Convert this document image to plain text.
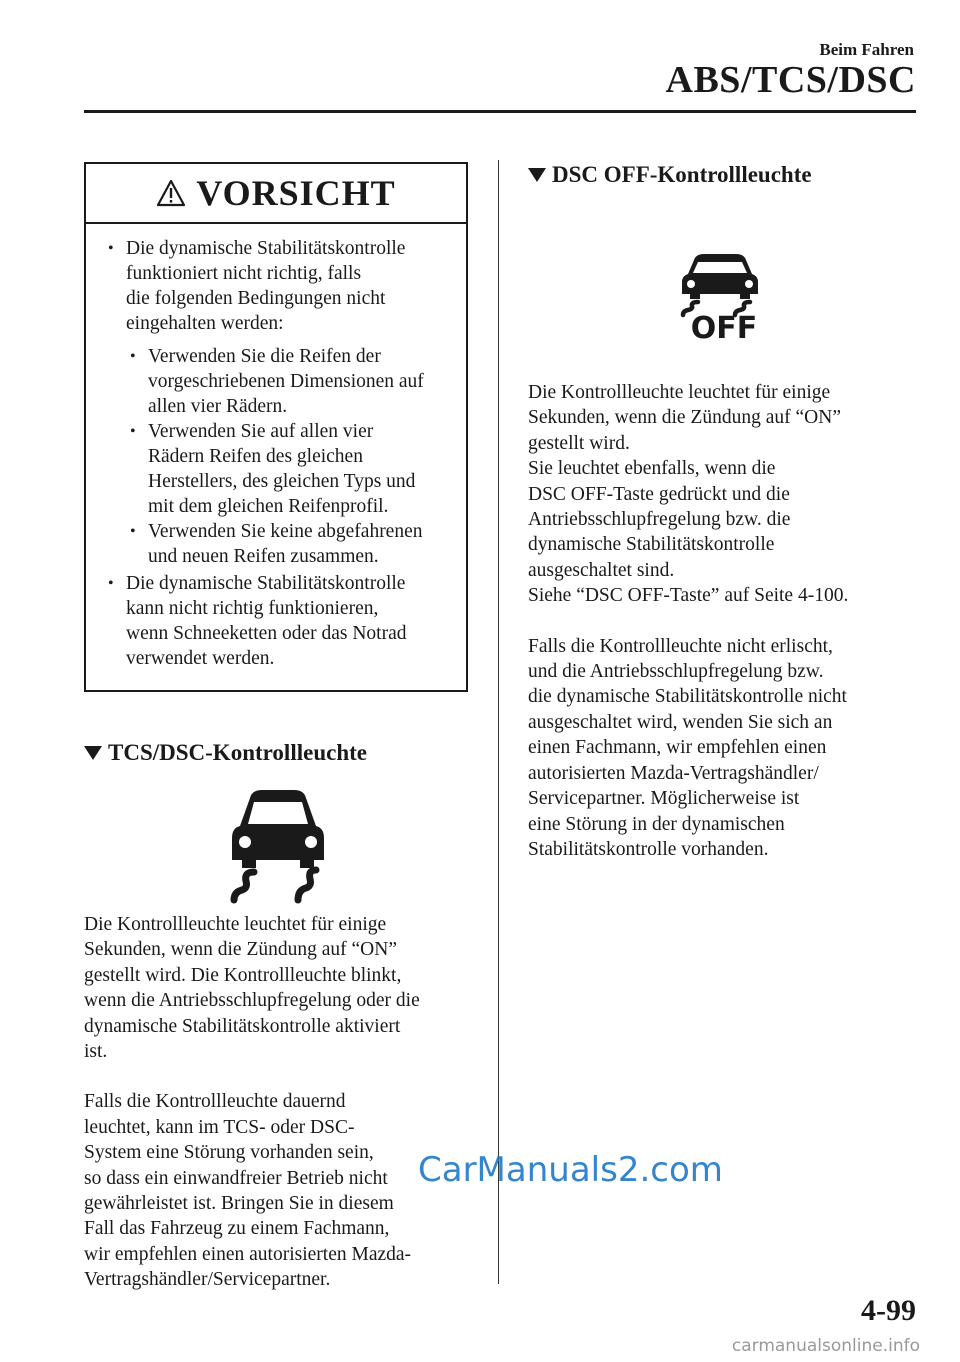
Beim Fahren
ABS/TCS/DSC
VORSICHT
• Die dynamische Stabilitätskontrolle
funktioniert nicht richtig, falls
die folgenden Bedingungen nicht
eingehalten werden:
• Verwenden Sie die Reifen der
vorgeschriebenen Dimensionen auf
allen vier Rädern.
• Verwenden Sie auf allen vier
Rädern Reifen des gleichen
Herstellers, des gleichen Typs und
mit dem gleichen Reifenprofil.
• Verwenden Sie keine abgefahrenen
und neuen Reifen zusammen.
• Die dynamische Stabilitätskontrolle
kann nicht richtig funktionieren,
wenn Schneeketten oder das Notrad
verwendet werden.
TCS/DSC-Kontrollleuchte

Die Kontrollleuchte leuchtet für einige

Sekunden, wenn die Zündung auf “ON”

gestellt wird. Die Kontrollleuchte blinkt,

wenn die Antriebsschlupfregelung oder die

dynamische Stabilitätskontrolle aktiviert

ist.

Falls die Kontrollleuchte dauernd

leuchtet, kann im TCS- oder DSC-

System eine Störung vorhanden sein,

so dass ein einwandfreier Betrieb nicht

gewährleistet ist. Bringen Sie in diesem

Fall das Fahrzeug zu einem Fachmann,

wir empfehlen einen autorisierten Mazda-

Vertragshändler/Servicepartner.

DSC OFF-Kontrollleuchte
OFF

Die Kontrollleuchte leuchtet für einige

Sekunden, wenn die Zündung auf “ON”

gestellt wird.

Sie leuchtet ebenfalls, wenn die

DSC OFF-Taste gedrückt und die

Antriebsschlupfregelung bzw. die

dynamische Stabilitätskontrolle

ausgeschaltet sind.

Siehe “DSC OFF-Taste” auf Seite 4-100.

Falls die Kontrollleuchte nicht erlischt,

und die Antriebsschlupfregelung bzw.

die dynamische Stabilitätskontrolle nicht

ausgeschaltet wird, wenden Sie sich an

einen Fachmann, wir empfehlen einen

autorisierten Mazda-Vertragshändler/

Servicepartner. Möglicherweise ist

eine Störung in der dynamischen

Stabilitätskontrolle vorhanden.

CarManuals2.com
4-99
carmanualsonline.info
